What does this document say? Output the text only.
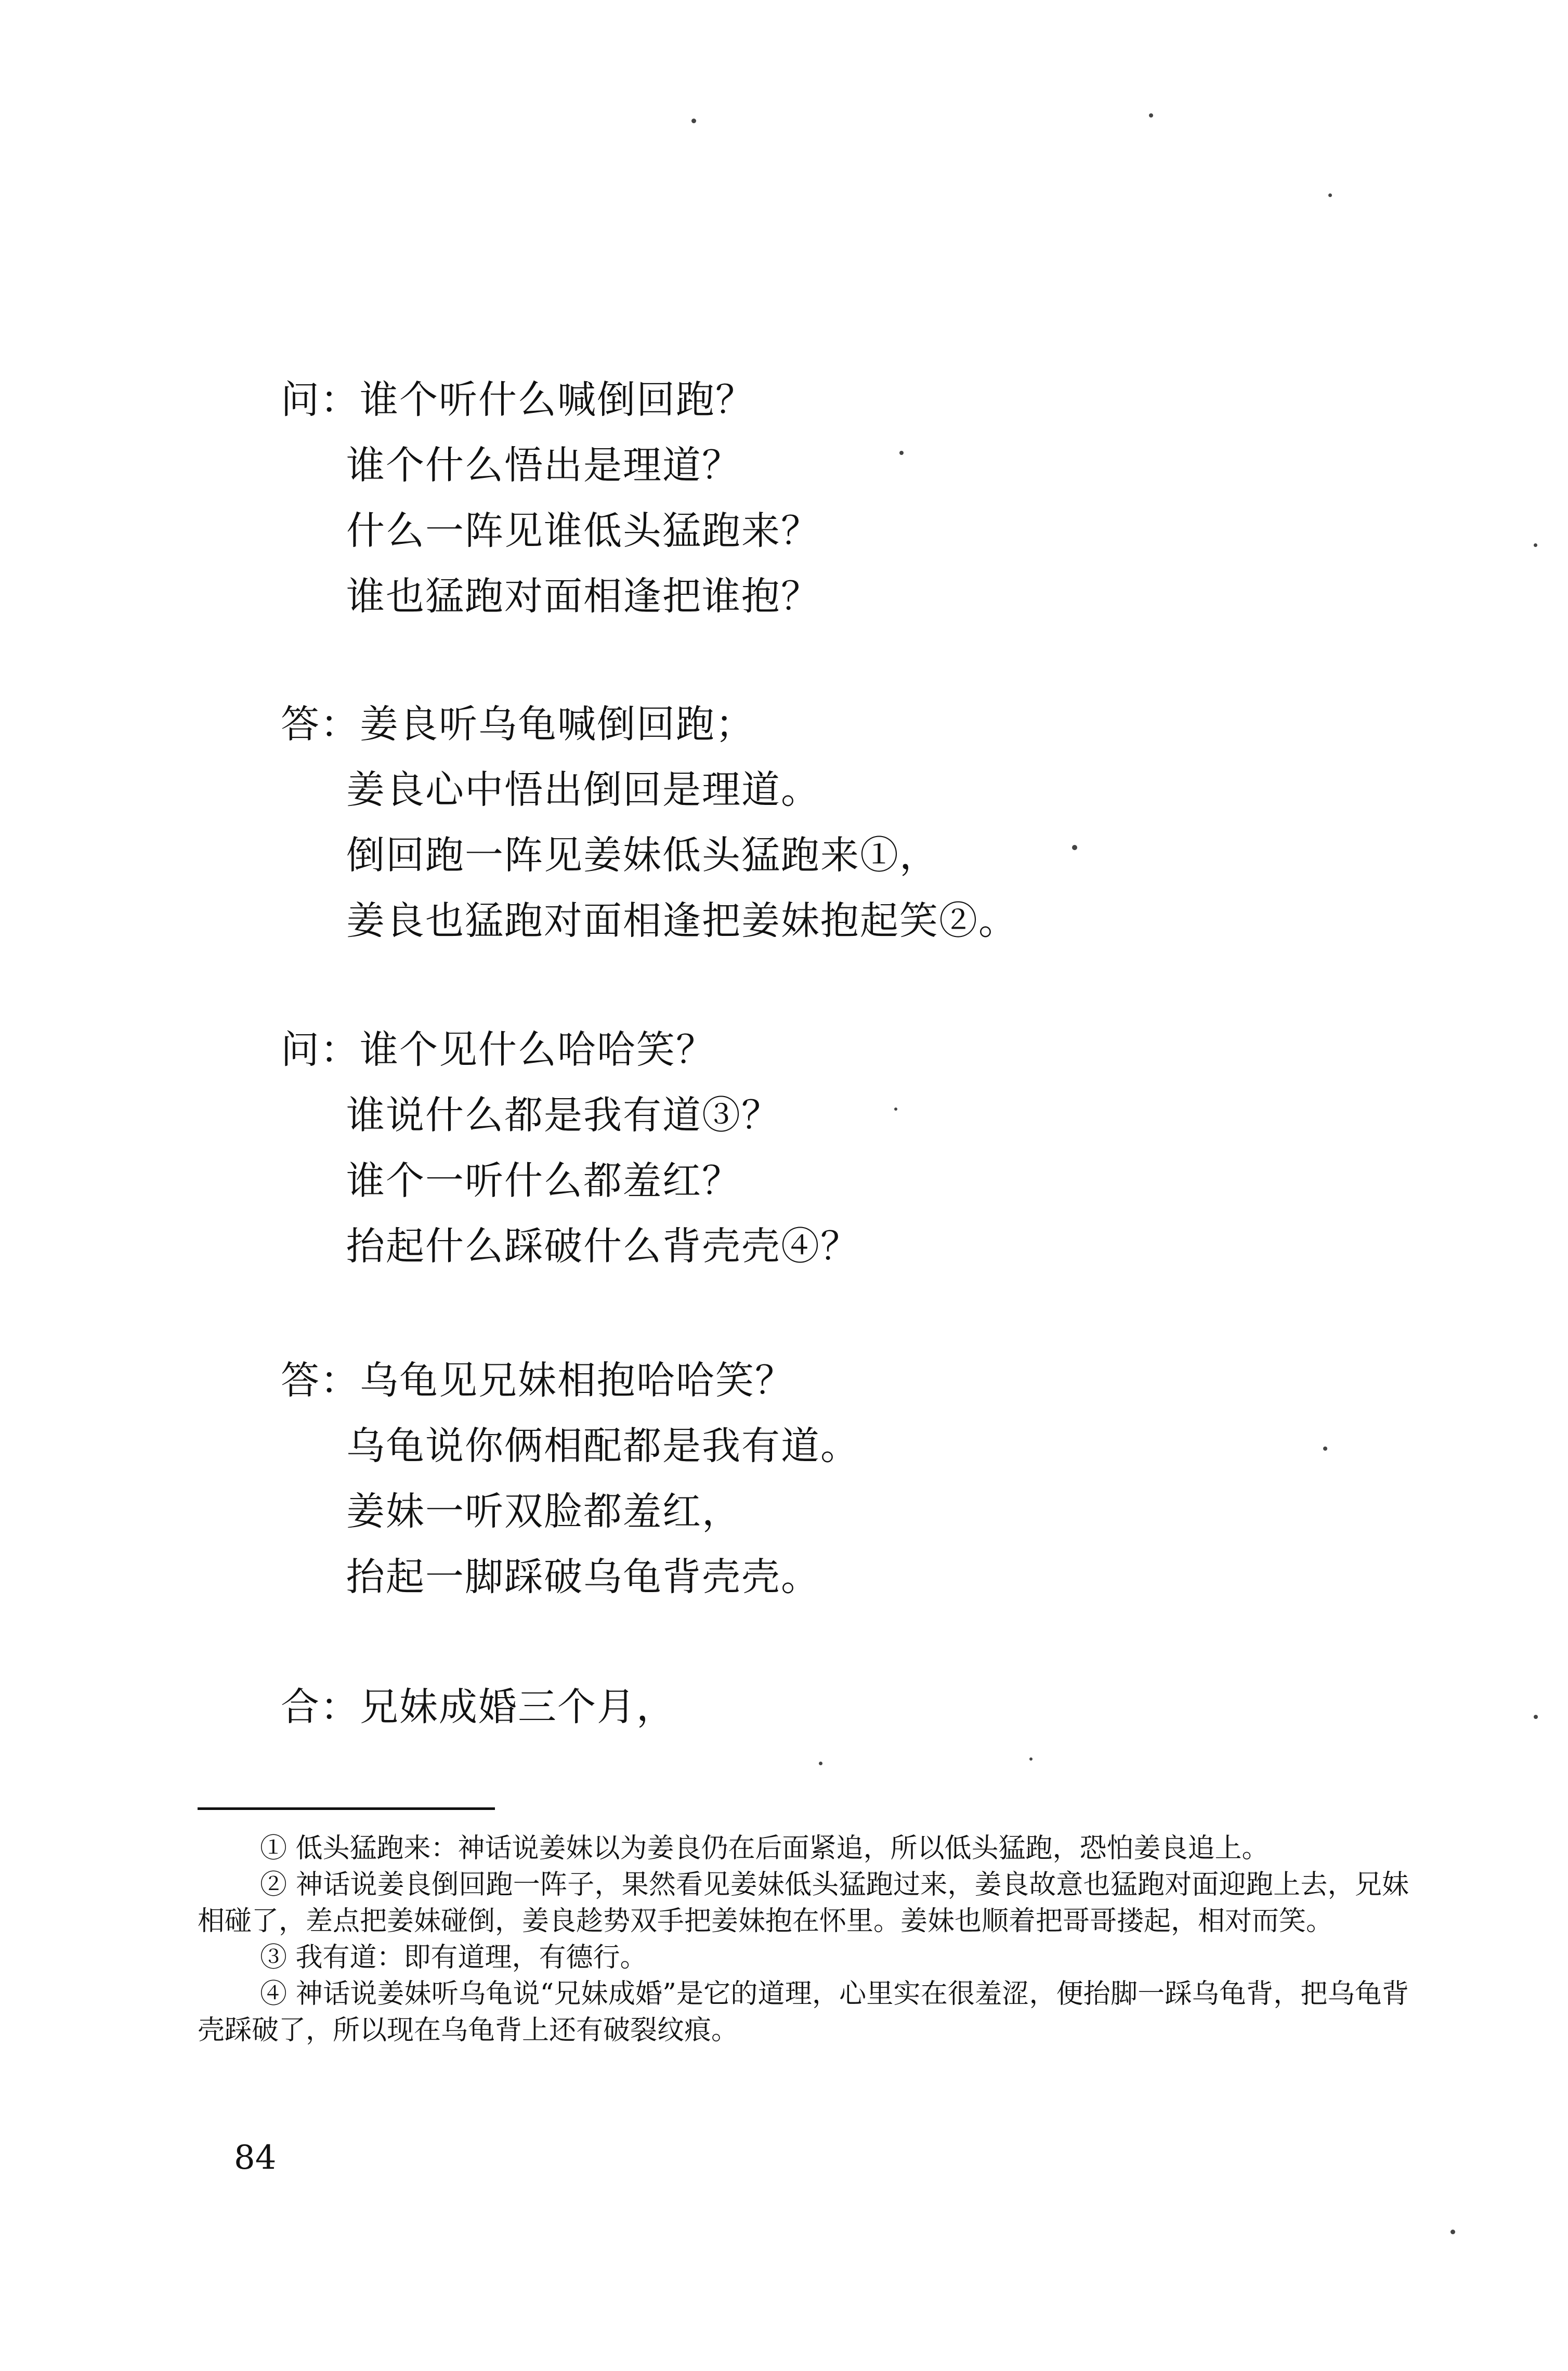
问：谁个听什么喊倒回跑？
谁个什么悟出是理道？
什么一阵见谁低头猛跑来？
谁也猛跑对面相逢把谁抱？
答：姜良听乌龟喊倒回跑；
姜良心中悟出倒回是理道。
倒回跑一阵见姜妹低头猛跑来①，
姜良也猛跑对面相逢把姜妹抱起笑②。
问：谁个见什么哈哈笑？
谁说什么都是我有道③？
谁个一听什么都羞红？
抬起什么踩破什么背壳壳④？
答：乌龟见兄妹相抱哈哈笑？
乌龟说你俩相配都是我有道。
姜妹一听双脸都羞红，
抬起一脚踩破乌龟背壳壳。
合：兄妹成婚三个月，

① 低头猛跑来：神话说姜妹以为姜良仍在后面紧追，所以低头猛跑，恐怕姜良追上。

② 神话说姜良倒回跑一阵子，果然看见姜妹低头猛跑过来，姜良故意也猛跑对面迎跑上去，兄妹相碰了，差点把姜妹碰倒，姜良趁势双手把姜妹抱在怀里。姜妹也顺着把哥哥搂起，相对而笑。

③ 我有道：即有道理，有德行。

④ 神话说姜妹听乌龟说“兄妹成婚”是它的道理，心里实在很羞涩，便抬脚一踩乌龟背，把乌龟背壳踩破了，所以现在乌龟背上还有破裂纹痕。

84
